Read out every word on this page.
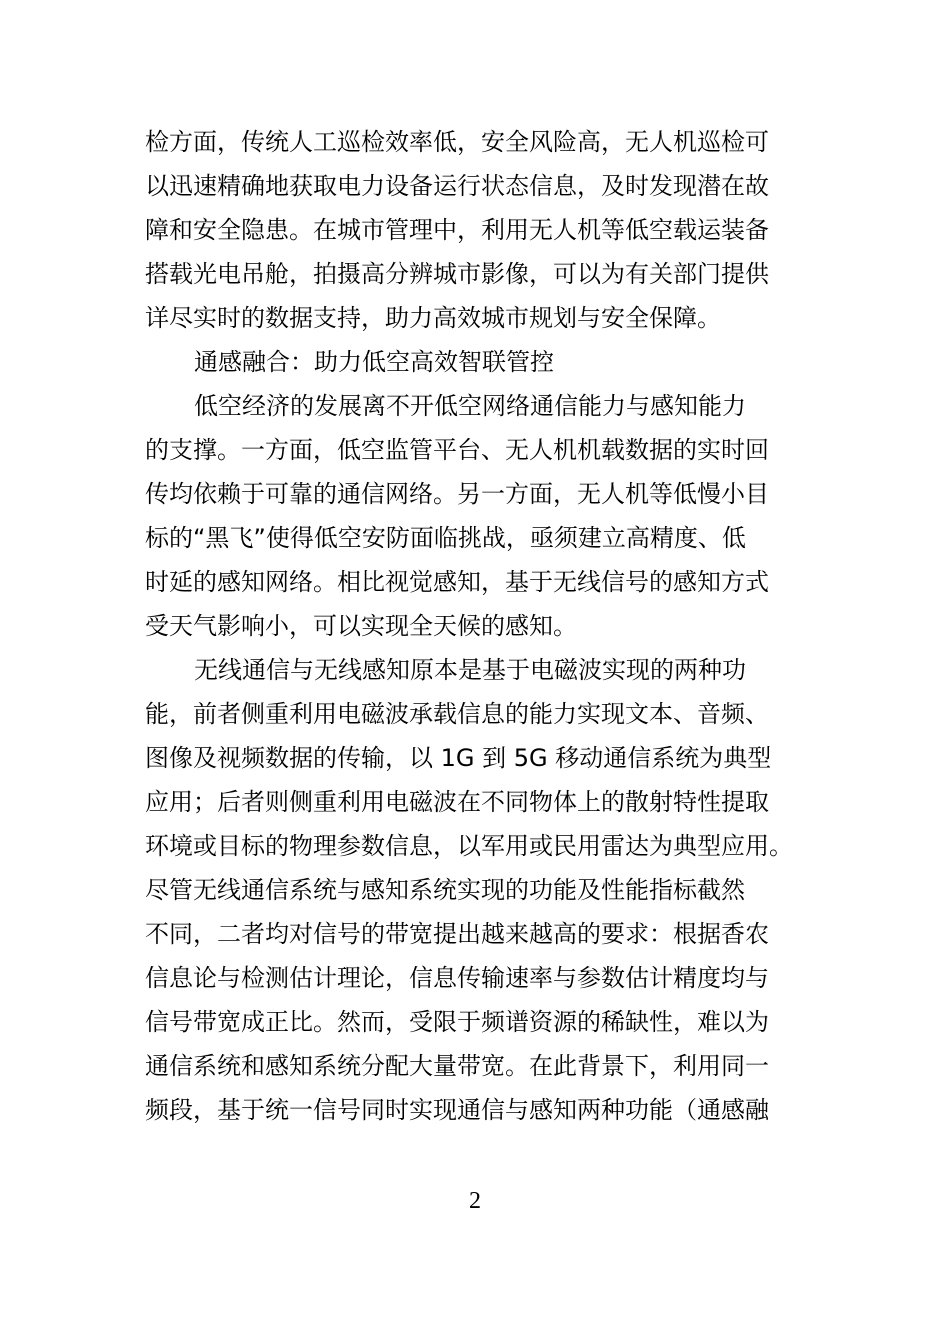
检方面，传统人工巡检效率低，安全风险高，无人机巡检可
以迅速精确地获取电力设备运行状态信息，及时发现潜在故
障和安全隐患。在城市管理中，利用无人机等低空载运装备
搭载光电吊舱，拍摄高分辨城市影像，可以为有关部门提供
详尽实时的数据支持，助力高效城市规划与安全保障。
通感融合：助力低空高效智联管控
低空经济的发展离不开低空网络通信能力与感知能力
的支撑。一方面，低空监管平台、无人机机载数据的实时回
传均依赖于可靠的通信网络。另一方面，无人机等低慢小目
标的“黑飞”使得低空安防面临挑战，亟须建立高精度、低
时延的感知网络。相比视觉感知，基于无线信号的感知方式
受天气影响小，可以实现全天候的感知。
无线通信与无线感知原本是基于电磁波实现的两种功
能，前者侧重利用电磁波承载信息的能力实现文本、音频、
图像及视频数据的传输，以 1G 到 5G 移动通信系统为典型
应用；后者则侧重利用电磁波在不同物体上的散射特性提取
环境或目标的物理参数信息，以军用或民用雷达为典型应用。
尽管无线通信系统与感知系统实现的功能及性能指标截然
不同，二者均对信号的带宽提出越来越高的要求：根据香农
信息论与检测估计理论，信息传输速率与参数估计精度均与
信号带宽成正比。然而，受限于频谱资源的稀缺性，难以为
通信系统和感知系统分配大量带宽。在此背景下，利用同一
频段，基于统一信号同时实现通信与感知两种功能（通感融
2
